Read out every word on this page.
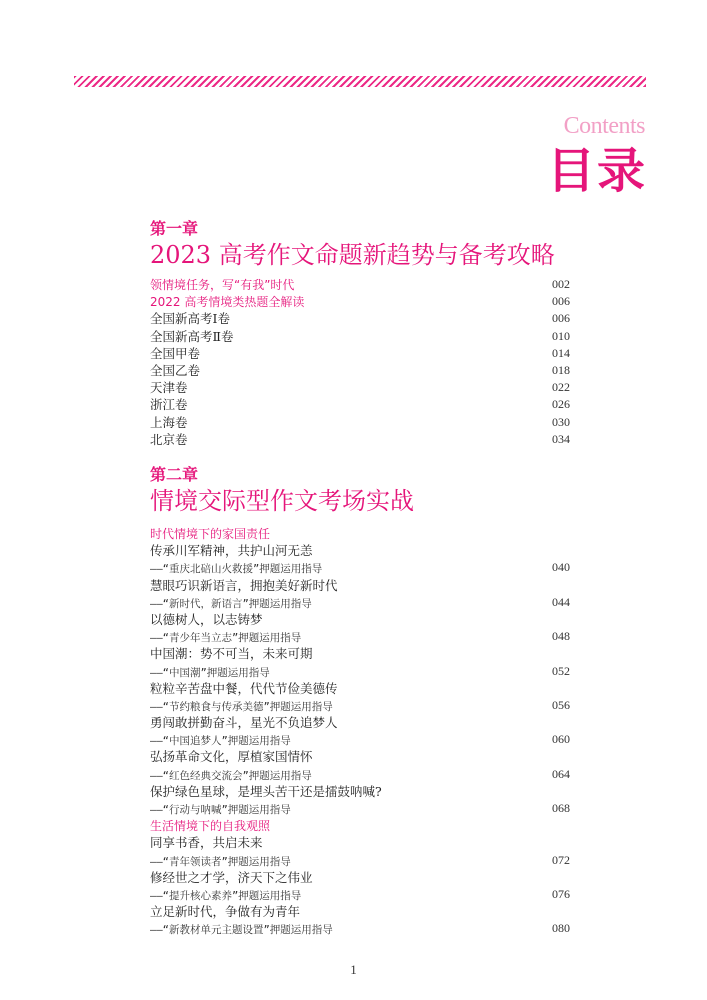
Contents
目录
第一章
2023 高考作文命题新趋势与备考攻略
领情境任务，写“有我”时代	002
2022 高考情境类热题全解读	006
全国新高考Ⅰ卷	006
全国新高考Ⅱ卷	010
全国甲卷	014
全国乙卷	018
天津卷	022
浙江卷	026
上海卷	030
北京卷	034
第二章
情境交际型作文考场实战
时代情境下的家国责任
传承川军精神，共护山河无恙
——“重庆北碚山火救援”押题运用指导	040
慧眼巧识新语言，拥抱美好新时代
——“新时代，新语言”押题运用指导	044
以德树人，以志铸梦
——“青少年当立志”押题运用指导	048
中国潮：势不可当，未来可期
——“中国潮”押题运用指导	052
粒粒辛苦盘中餐，代代节俭美德传
——“节约粮食与传承美德”押题运用指导	056
勇闯敢拼勤奋斗，星光不负追梦人
——“中国追梦人”押题运用指导	060
弘扬革命文化，厚植家国情怀
——“红色经典交流会”押题运用指导	064
保护绿色星球，是埋头苦干还是擂鼓呐喊?
——“行动与呐喊”押题运用指导	068
生活情境下的自我观照
同享书香，共启未来
——“青年领读者”押题运用指导	072
修经世之才学，济天下之伟业
——“提升核心素养”押题运用指导	076
立足新时代，争做有为青年
——“新教材单元主题设置”押题运用指导	080
1
